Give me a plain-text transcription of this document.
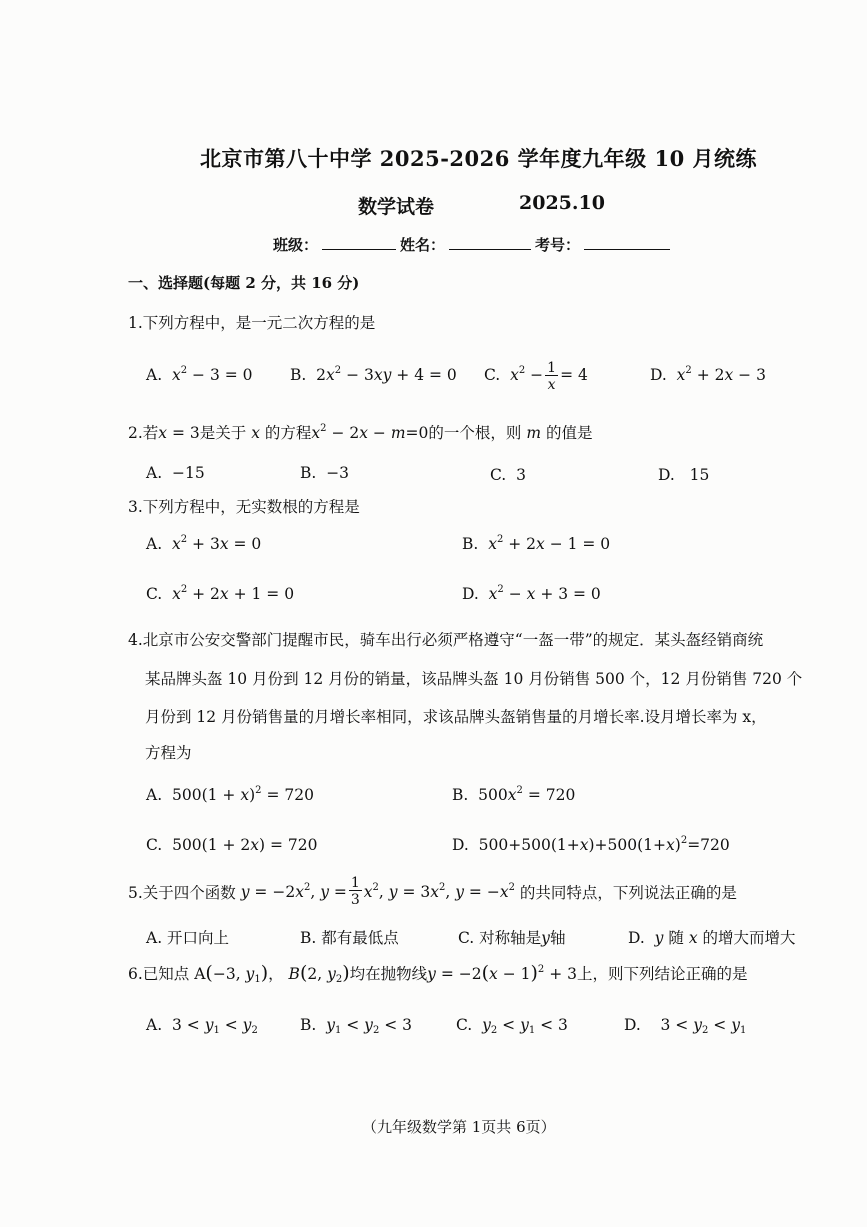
北京市第八十中学 2025-2026 学年度九年级 10 月统练
数学试卷	2025.10
班级：	姓名：	考号：
一、选择题(每题 2 分，共 16 分)
1.下列方程中，是一元二次方程的是
A. $x^2 - 3 = 0$ B.  $2x^2 - 3xy + 4 = 0$ C. $x^2 - \frac{1}{x} = 4$	D. $x^2 + 2x - 3$
2.若x = 3是关于 x 的方程$x^2 - 2x - m=0$的一个根，则 m 的值是
A. −15	B. −3	C. 3	D. 15
3.下列方程中，无实数根的方程是
A. $x^2 + 3x = 0$	B. $x^2 + 2x - 1 = 0$
C. $x^2 + 2x + 1 = 0$	D. $x^2 - x + 3 = 0$
4.北京市公安交警部门提醒市民，骑车出行必须严格遵守“一盔一带”的规定．某头盔经销商统
某品牌头盔 10 月份到 12 月份的销量，该品牌头盔 10 月份销售 500 个，12 月份销售 720 个
月份到 12 月份销售量的月增长率相同，求该品牌头盔销售量的月增长率.设月增长率为 x，
方程为
A.  $500(1 + x)^2 = 720$	B.  $500x^2 = 720$
C.  500(1 + 2x) = 720	D.  $500+500(1+x)+500(1+x)^2=720$
5.关于四个函数 $y = -2x^2$, $y = \frac{1}{3} x^2$, $y = 3x^2$, $y = -x^2$ 的共同特点，下列说法正确的是
A. 开口向上	B. 都有最低点	C. 对称轴是y轴	D. y 随 x 的增大而增大
6.已知点 A(−3, $y_1$)， B(2, $y_2$)均在抛物线$y = -2(x - 1)^2 + 3$上，则下列结论正确的是
A.  $3 < y_1 < y_2$	B. $y_1 < y_2 < 3$	C. $y_2 < y_1 < 3$	D.    $3 < y_2 < y_1$
（九年级数学第 1页共 6页）
